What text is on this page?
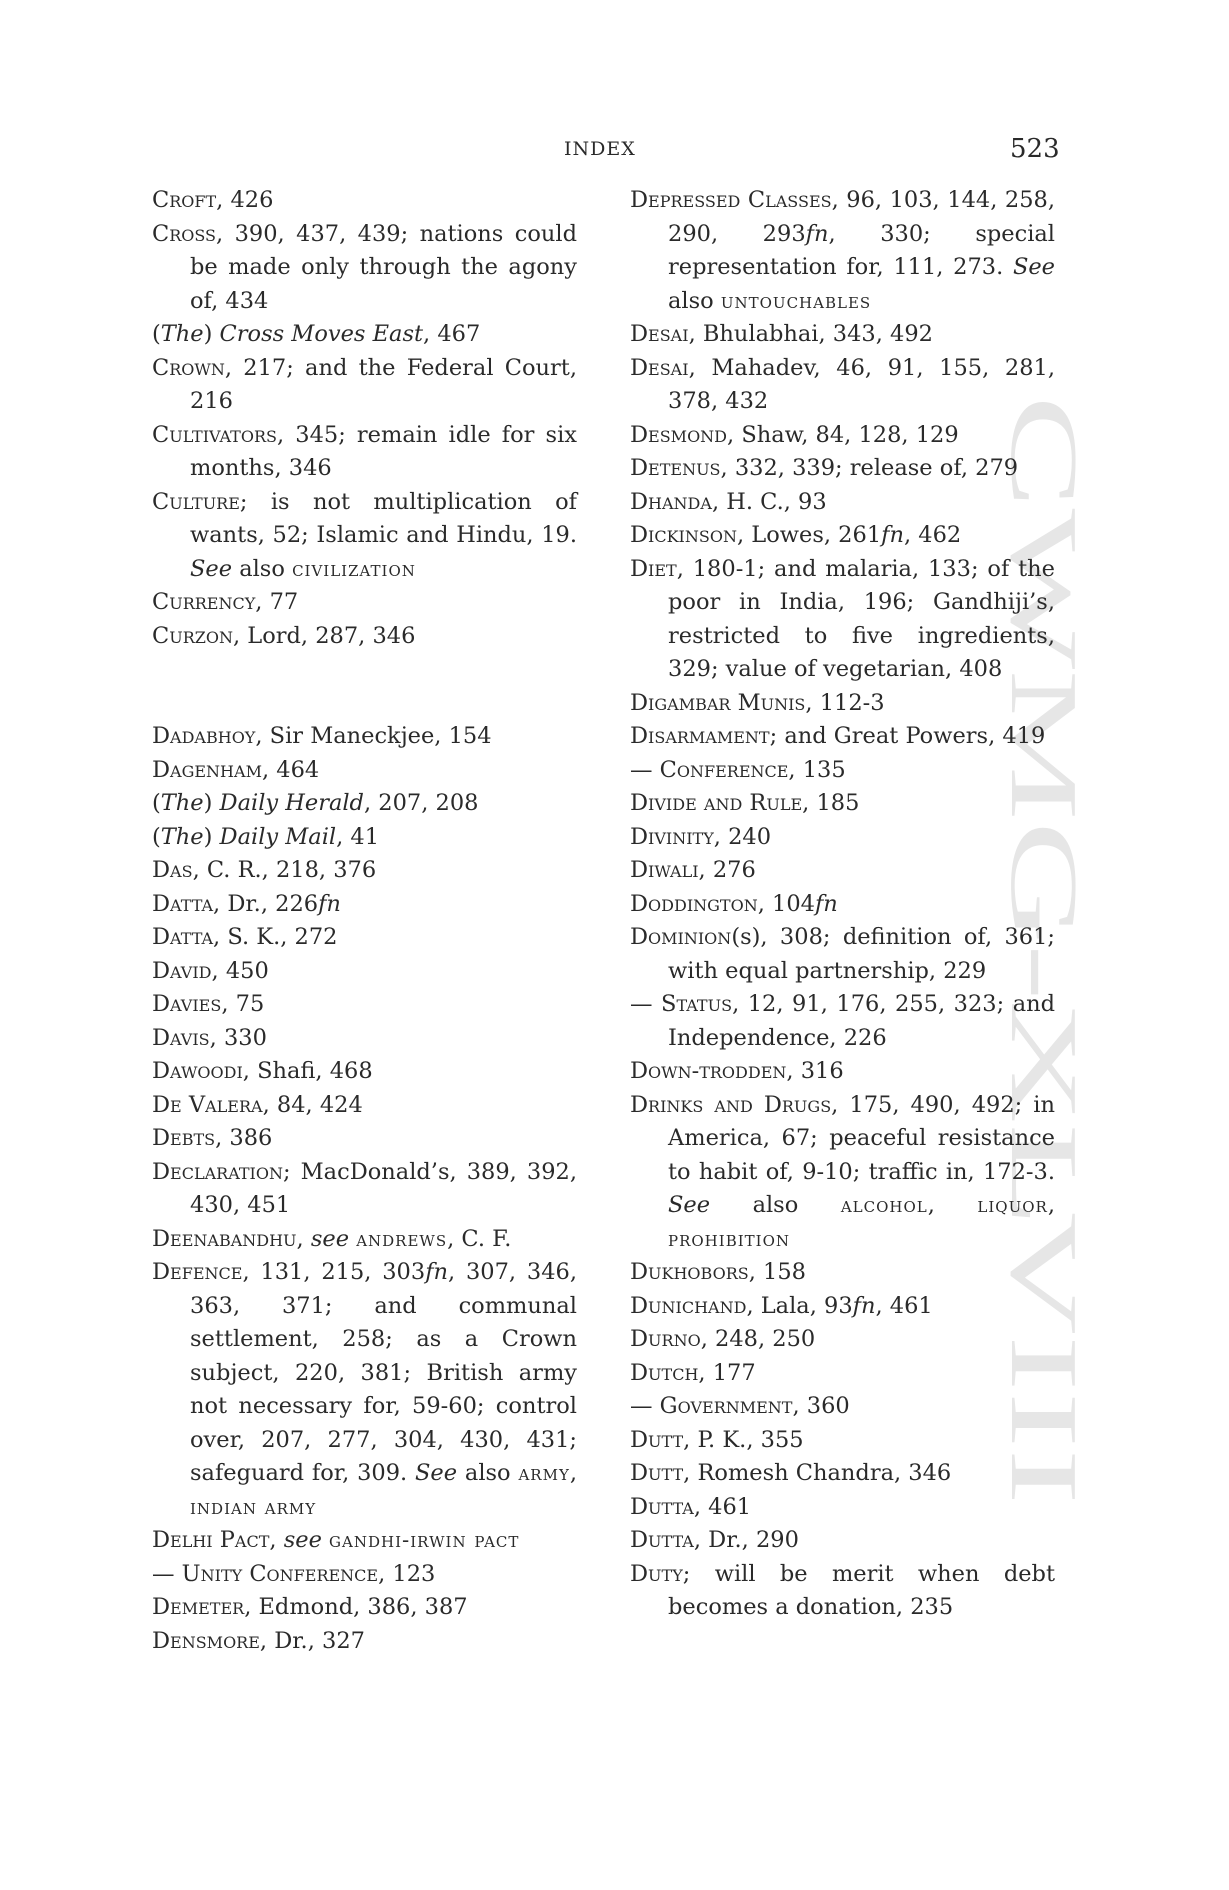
INDEX	523
CWMG-XLVIII

Croft, 426

Cross, 390, 437, 439; nations could be made only through the agony of, 434

(The) Cross Moves East, 467

Crown, 217; and the Federal Court, 216

Cultivators, 345; remain idle for six months, 346

Culture; is not multiplication of wants, 52; Islamic and Hindu, 19. See also civilization

Currency, 77

Curzon, Lord, 287, 346

Dadabhoy, Sir Maneckjee, 154

Dagenham, 464

(The) Daily Herald, 207, 208

(The) Daily Mail, 41

Das, C. R., 218, 376

Datta, Dr., 226fn

Datta, S. K., 272

David, 450

Davies, 75

Davis, 330

Dawoodi, Shafi, 468

De Valera, 84, 424

Debts, 386

Declaration; MacDonald’s, 389, 392, 430, 451

Deenabandhu, see andrews, C. F.

Defence, 131, 215, 303fn, 307, 346, 363, 371; and communal settlement, 258; as a Crown subject, 220, 381; British army not necessary for, 59-60; control over, 207, 277, 304, 430, 431; safeguard for, 309. See also army, indian army

Delhi Pact, see gandhi-irwin pact

— Unity Conference, 123

Demeter, Edmond, 386, 387

Densmore, Dr., 327

Depressed Classes, 96, 103, 144, 258, 290, 293fn, 330; special representation for, 111, 273. See also untouchables

Desai, Bhulabhai, 343, 492

Desai, Mahadev, 46, 91, 155, 281, 378, 432

Desmond, Shaw, 84, 128, 129

Detenus, 332, 339; release of, 279

Dhanda, H. C., 93

Dickinson, Lowes, 261fn, 462

Diet, 180-1; and malaria, 133; of the poor in India, 196; Gandhiji’s, restricted to five ingredients, 329; value of vegetarian, 408

Digambar Munis, 112-3

Disarmament; and Great Powers, 419

— Conference, 135

Divide and Rule, 185

Divinity, 240

Diwali, 276

Doddington, 104fn

Dominion(s), 308; definition of, 361; with equal partnership, 229

— Status, 12, 91, 176, 255, 323; and Independence, 226

Down-trodden, 316

Drinks and Drugs, 175, 490, 492; in America, 67; peaceful resistance to habit of, 9-10; traffic in, 172-3. See also alcohol, liquor, prohibition

Dukhobors, 158

Dunichand, Lala, 93fn, 461

Durno, 248, 250

Dutch, 177

— Government, 360

Dutt, P. K., 355

Dutt, Romesh Chandra, 346

Dutta, 461

Dutta, Dr., 290

Duty; will be merit when debt becomes a donation, 235
